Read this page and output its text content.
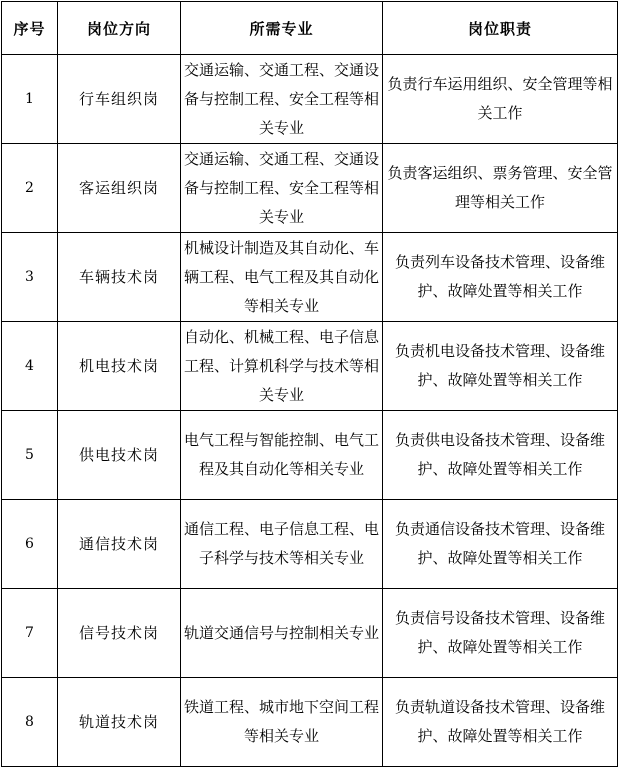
序号	岗位方向	所需专业	岗位职责
1	行车组织岗	交通运输、交通工程、交通设备与控制工程、安全工程等相关专业	负责行车运用组织、安全管理等相关工作
2	客运组织岗	交通运输、交通工程、交通设备与控制工程、安全工程等相关专业	负责客运组织、票务管理、安全管理等相关工作
3	车辆技术岗	机械设计制造及其自动化、车辆工程、电气工程及其自动化等相关专业	负责列车设备技术管理、设备维护、故障处置等相关工作
4	机电技术岗	自动化、机械工程、电子信息工程、计算机科学与技术等相关专业	负责机电设备技术管理、设备维护、故障处置等相关工作
5	供电技术岗	电气工程与智能控制、电气工程及其自动化等相关专业	负责供电设备技术管理、设备维护、故障处置等相关工作
6	通信技术岗	通信工程、电子信息工程、电子科学与技术等相关专业	负责通信设备技术管理、设备维护、故障处置等相关工作
7	信号技术岗	轨道交通信号与控制相关专业	负责信号设备技术管理、设备维护、故障处置等相关工作
8	轨道技术岗	铁道工程、城市地下空间工程等相关专业	负责轨道设备技术管理、设备维护、故障处置等相关工作
